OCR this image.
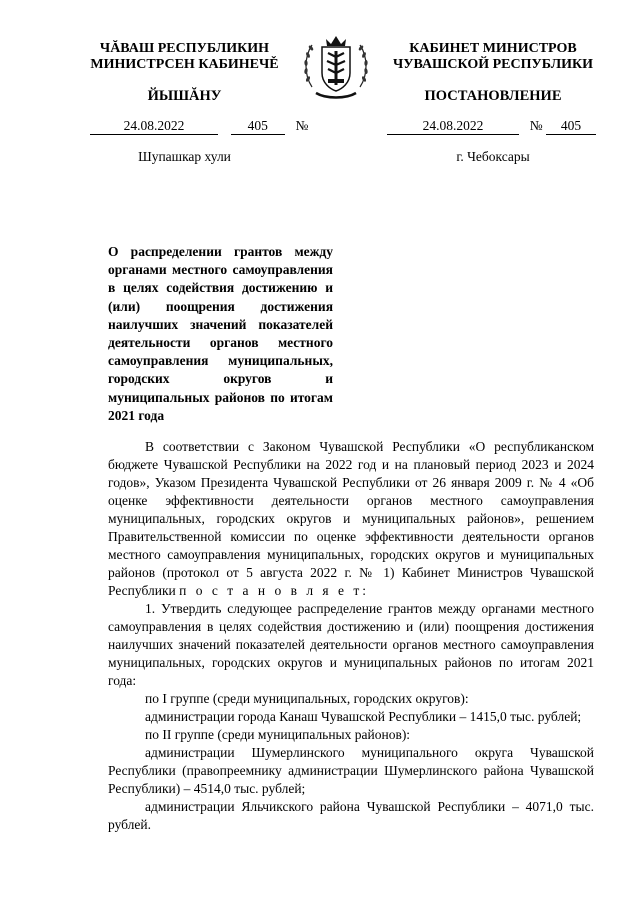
ЧĂВАШ РЕСПУБЛИКИН
МИНИСТРСЕН КАБИНЕЧĚ
ЙЫШĂНУ
КАБИНЕТ МИНИСТРОВ
ЧУВАШСКОЙ РЕСПУБЛИКИ
ПОСТАНОВЛЕНИЕ
24.08.2022	405 №	24.08.2022	№ 405
Шупашкар хули	г. Чебоксары
О распределении грантов между органами местного самоуправления в целях содействия достижению и (или) поощрения достижения наилучших значений показателей деятельности органов местного самоуправления муниципальных, городских округов и муниципальных районов по итогам 2021 года

В соответствии с Законом Чувашской Республики «О республиканском бюджете Чувашской Республики на 2022 год и на плановый период 2023 и 2024 годов», Указом Президента Чувашской Республики от 26 января 2009 г. № 4 «Об оценке эффективности деятельности органов местного самоуправления муниципальных, городских округов и муниципальных районов», решением Правительственной комиссии по оценке эффективности деятельности органов местного самоуправления муниципальных, городских округов и муниципальных районов (протокол от 5 августа 2022 г. № 1) Кабинет Министров Чувашской Республики п о с т а н о в л я е т:

1. Утвердить следующее распределение грантов между органами местного самоуправления в целях содействия достижению и (или) поощрения достижения наилучших значений показателей деятельности органов местного самоуправления муниципальных, городских округов и муниципальных районов по итогам 2021 года:

по I группе (среди муниципальных, городских округов):

администрации города Канаш Чувашской Республики – 1415,0 тыс. рублей;

по II группе (среди муниципальных районов):

администрации Шумерлинского муниципального округа Чувашской Республики (правопреемнику администрации Шумерлинского района Чувашской Республики) – 4514,0 тыс. рублей;

администрации Яльчикского района Чувашской Республики – 4071,0 тыс. рублей.
